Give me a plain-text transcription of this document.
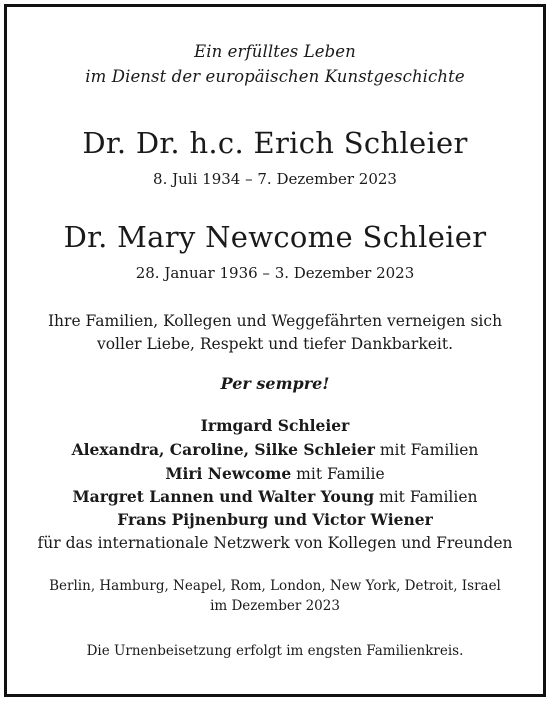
Ein erfülltes Leben
im Dienst der europäischen Kunstgeschichte
Dr. Dr. h.c. Erich Schleier
8. Juli 1934 – 7. Dezember 2023
Dr. Mary Newcome Schleier
28. Januar 1936 – 3. Dezember 2023
Ihre Familien, Kollegen und Weggefährten verneigen sich
voller Liebe, Respekt und tiefer Dankbarkeit.
Per sempre!
Irmgard Schleier
Alexandra, Caroline, Silke Schleier mit Familien
Miri Newcome mit Familie
Margret Lannen und Walter Young mit Familien
Frans Pijnenburg und Victor Wiener
für das internationale Netzwerk von Kollegen und Freunden
Berlin, Hamburg, Neapel, Rom, London, New York, Detroit, Israel
im Dezember 2023
Die Urnenbeisetzung erfolgt im engsten Familienkreis.
